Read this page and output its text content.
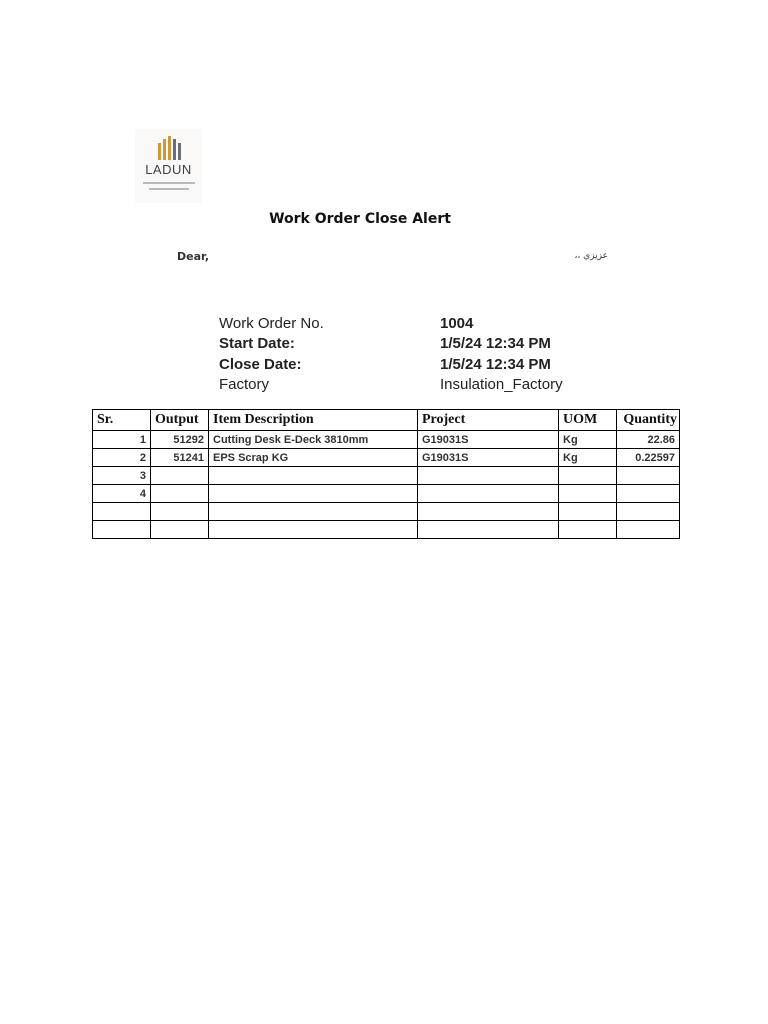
LADUN
Work Order Close Alert
Dear,	عزيزي ،،
Work Order No.	1004
Start Date:	1/5/24 12:34 PM
Close Date:	1/5/24 12:34 PM
Factory	Insulation_Factory
Sr.	Output	Item Description	Project	UOM	Quantity
1	51292	Cutting Desk E-Deck 3810mm	G19031S	Kg	22.86
2	51241	EPS Scrap KG	G19031S	Kg	0.22597
3					
4					
